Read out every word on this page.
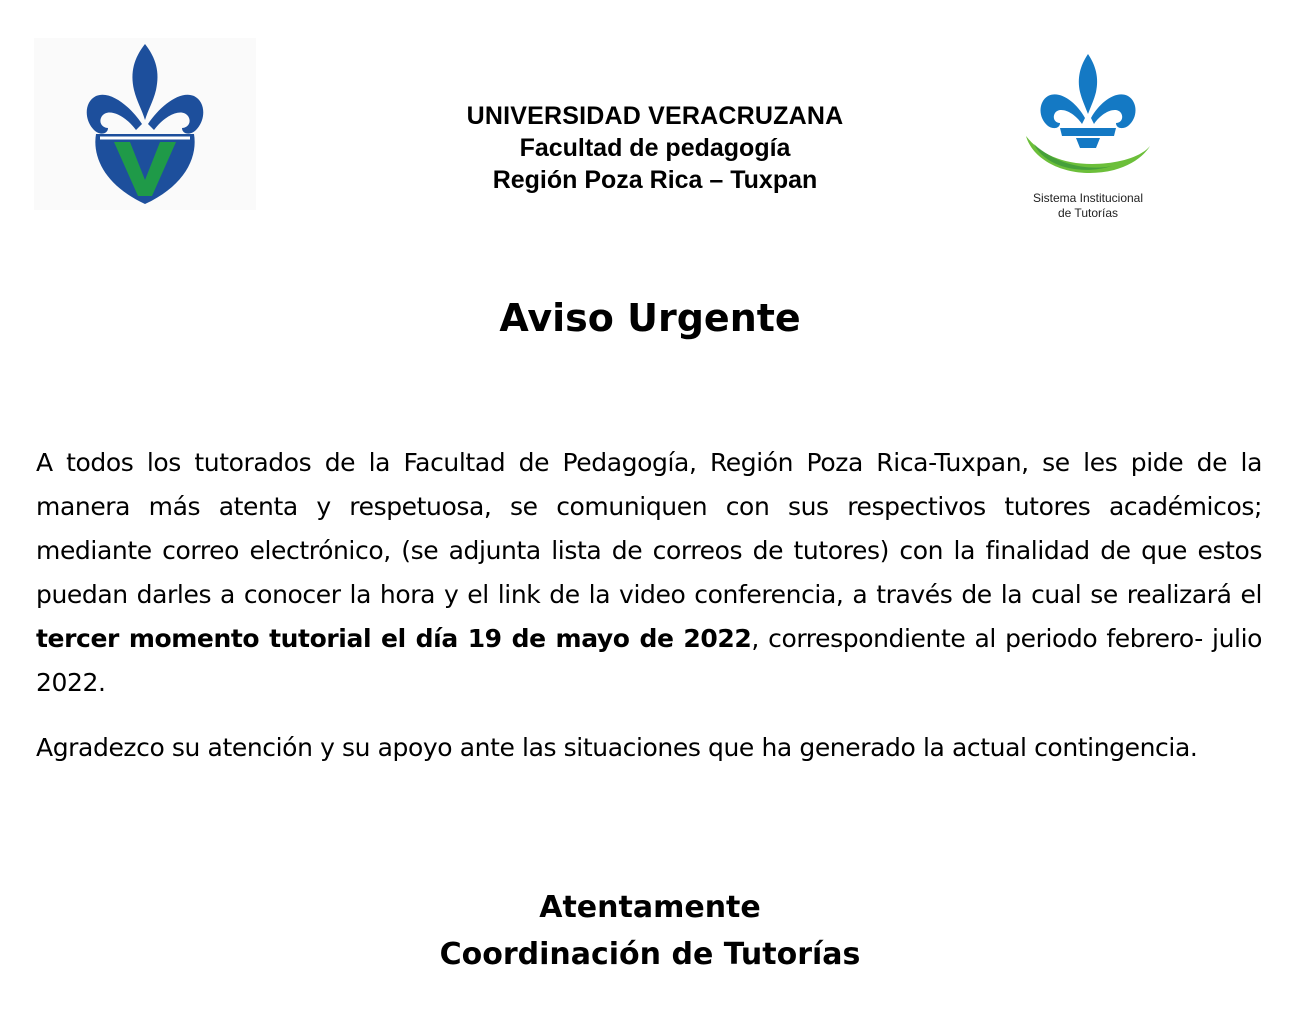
UNIVERSIDAD VERACRUZANA
Facultad de pedagogía
Región Poza Rica – Tuxpan
Sistema Institucional
de Tutorías
Aviso Urgente
A todos los tutorados de la Facultad de Pedagogía, Región Poza Rica-Tuxpan, se les pide de la manera más atenta y respetuosa, se comuniquen con sus respectivos tutores académicos; mediante correo electrónico, (se adjunta lista de correos de tutores) con la finalidad de que estos puedan darles a conocer la hora y el link de la video conferencia, a través de la cual se realizará el tercer momento tutorial el día 19 de mayo de 2022, correspondiente al periodo febrero- julio 2022.
Agradezco su atención y su apoyo ante las situaciones que ha generado la actual contingencia.
Atentamente
Coordinación de Tutorías
